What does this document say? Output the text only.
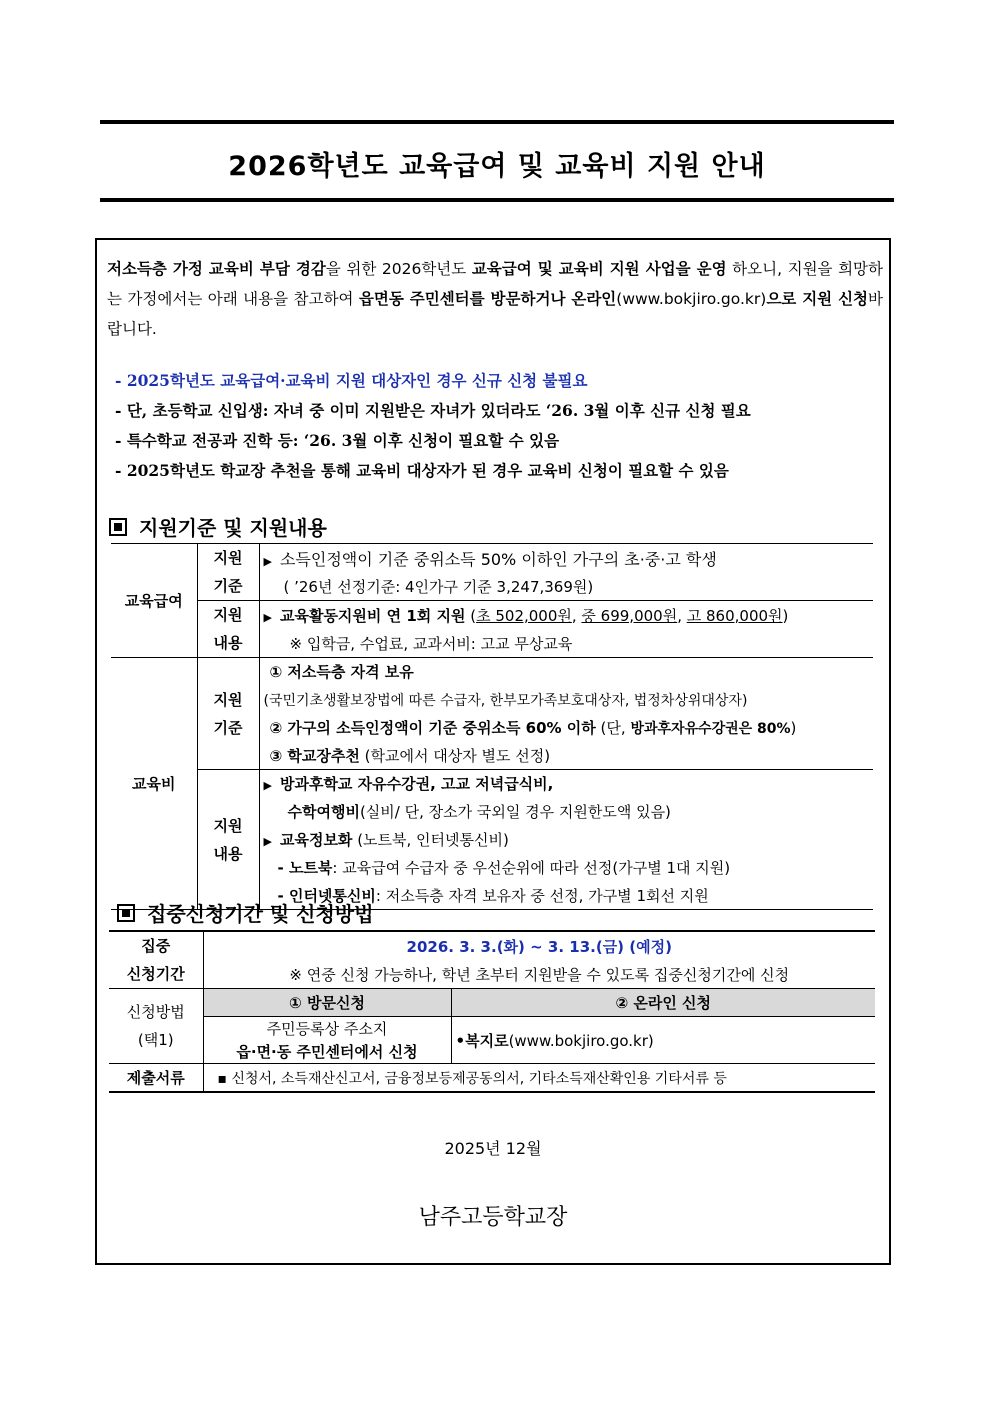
2026학년도 교육급여 및 교육비 지원 안내
저소득층 가정 교육비 부담 경감을 위한 2026학년도 교육급여 및 교육비 지원 사업을 운영 하오니, 지원을 희망하는 가정에서는 아래 내용을 참고하여 읍면동 주민센터를 방문하거나 온라인(www.bokjiro.go.kr)으로 지원 신청바랍니다.
- 2025학년도 교육급여·교육비 지원 대상자인 경우 신규 신청 불필요
- 단, 초등학교 신입생: 자녀 중 이미 지원받은 자녀가 있더라도 ‘26. 3월 이후 신규 신청 필요
- 특수학교 전공과 진학 등: ‘26. 3월 이후 신청이 필요할 수 있음
- 2025학년도 학교장 추천을 통해 교육비 대상자가 된 경우 교육비 신청이 필요할 수 있음
지원기준 및 지원내용
교육급여	지원
기준	▶ 소득인정액이 기준 중위소득 50% 이하인 가구의 초·중·고 학생
		( ’26년 선정기준: 4인가구 기준 3,247,369원)
	지원
내용	▶ 교육활동지원비 연 1회 지원 (초 502,000원, 중 699,000원, 고 860,000원)
		※ 입학금, 수업료, 교과서비: 고교 무상교육
교육비	지원
기준	① 저소득층 자격 보유
		(국민기초생활보장법에 따른 수급자, 한부모가족보호대상자, 법정차상위대상자)
		② 가구의 소득인정액이 기준 중위소득 60% 이하 (단, 방과후자유수강권은 80%)
		③ 학교장추천 (학교에서 대상자 별도 선정)
	지원
내용	▶ 방과후학교 자유수강권, 고교 저녁급식비,
		수학여행비(실비/ 단, 장소가 국외일 경우 지원한도액 있음)
		▶ 교육정보화 (노트북, 인터넷통신비)
		- 노트북: 교육급여 수급자 중 우선순위에 따라 선정(가구별 1대 지원)
		- 인터넷통신비: 저소득층 자격 보유자 중 선정, 가구별 1회선 지원
집중신청기간 및 신청방법
집중
신청기간	2026. 3. 3.(화) ~ 3. 13.(금) (예정)	
	※ 연중 신청 가능하나, 학년 초부터 지원받을 수 있도록 집중신청기간에 신청	
신청방법
(택1)	① 방문신청	② 온라인 신청
	주민등록상 주소지	•복지로(www.bokjiro.go.kr)
	읍·면·동 주민센터에서 신청	
제출서류	▪ 신청서, 소득재산신고서, 금융정보등제공동의서, 기타소득재산확인용 기타서류 등	
2025년 12월
남주고등학교장
